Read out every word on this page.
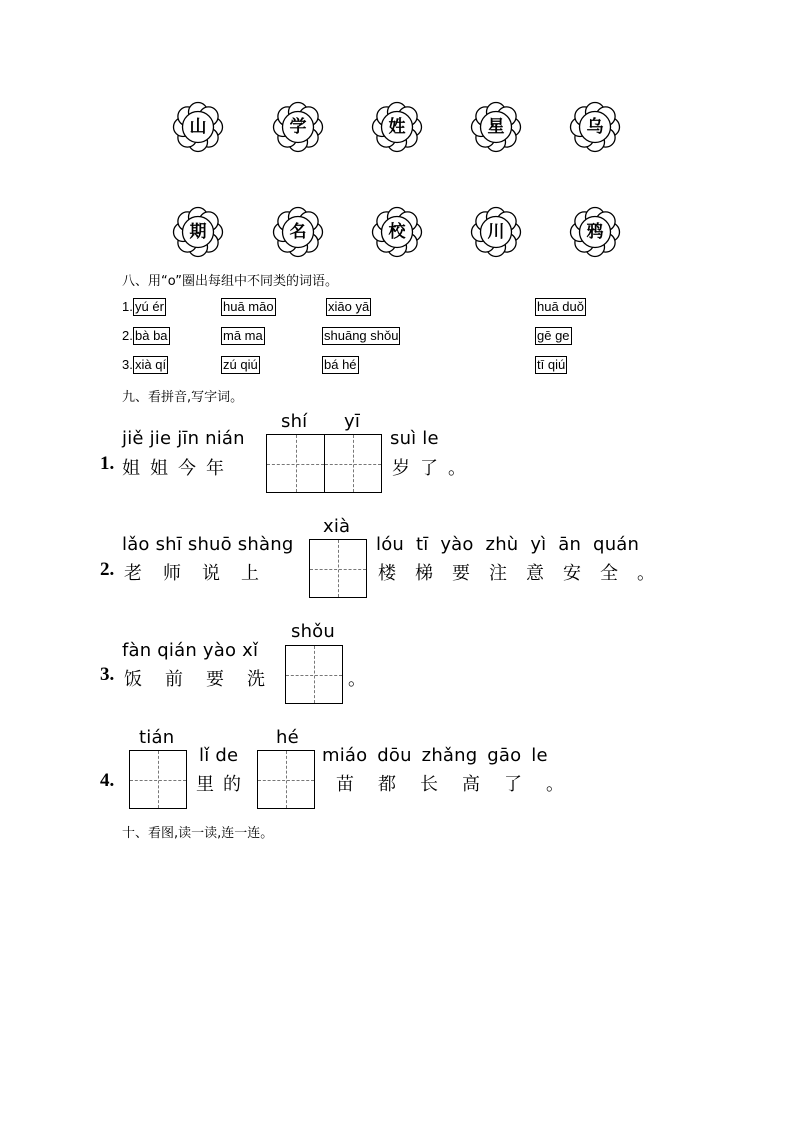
山	学	姓	星	乌
期	名	校	川	鸦
八、用“o”圈出每组中不同类的词语。
1. yú ér	huā māo	xiāo yā	huā duǒ
2. bà ba	mā ma	shuāng shǒu	gē ge
3. xià qí	zú qiú	bá hé	tī qiú
九、看拼音,写字词。
jiě jie jīn nián
1. 姐姐今年
shí yī
suì le
岁了。
lǎo shī shuō shàng
2. 老师说上
xià
lóu tī yào zhù yì ān quán
楼梯要注意安全。
fàn qián yào xǐ
3. 饭前要洗
shǒu
。
tián
4.
lǐ de
里的
hé
miáo dōu zhǎng gāo le
苗都长高了。
十、看图,读一读,连一连。
